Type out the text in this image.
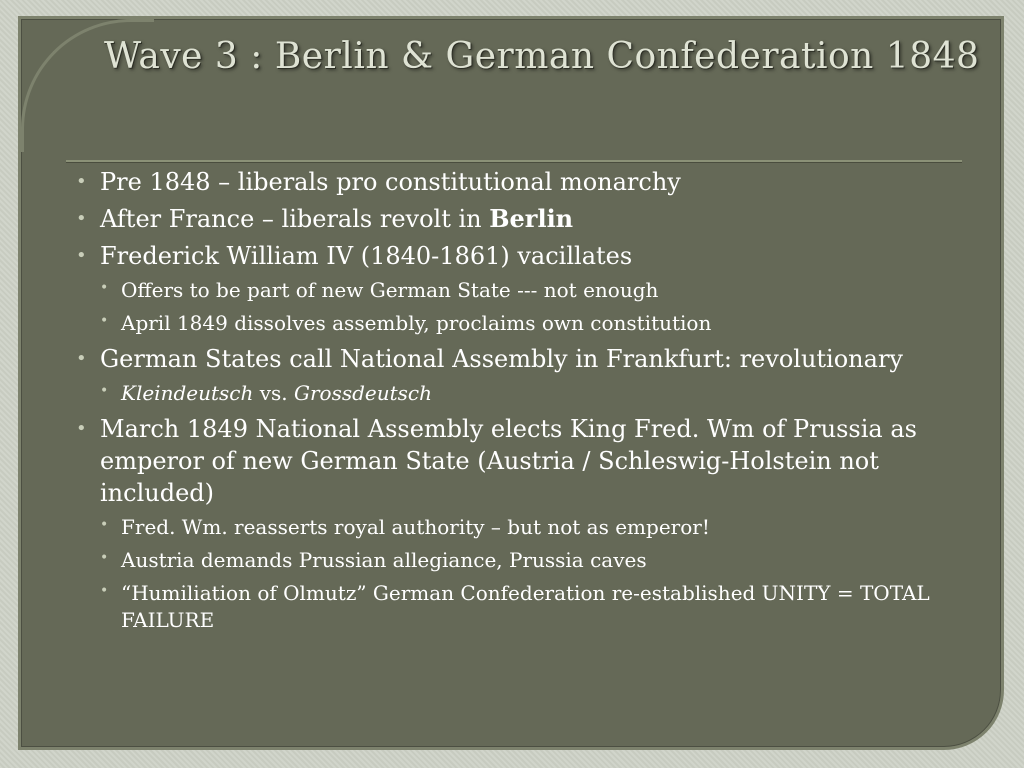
Wave 3 : Berlin & German Confederation 1848
• Pre 1848 – liberals pro constitutional monarchy
• After France – liberals revolt in Berlin
• Frederick William IV (1840-1861) vacillates
• Offers to be part of new German State --- not enough
• April 1849 dissolves assembly, proclaims own constitution
• German States call National Assembly in Frankfurt: revolutionary
• Kleindeutsch vs. Grossdeutsch
• March 1849 National Assembly elects King Fred. Wm of Prussia as emperor of new German State (Austria / Schleswig-Holstein not included)
• Fred. Wm. reasserts royal authority – but not as emperor!
• Austria demands Prussian allegiance, Prussia caves
• “Humiliation of Olmutz” German Confederation re-established UNITY = TOTAL FAILURE
